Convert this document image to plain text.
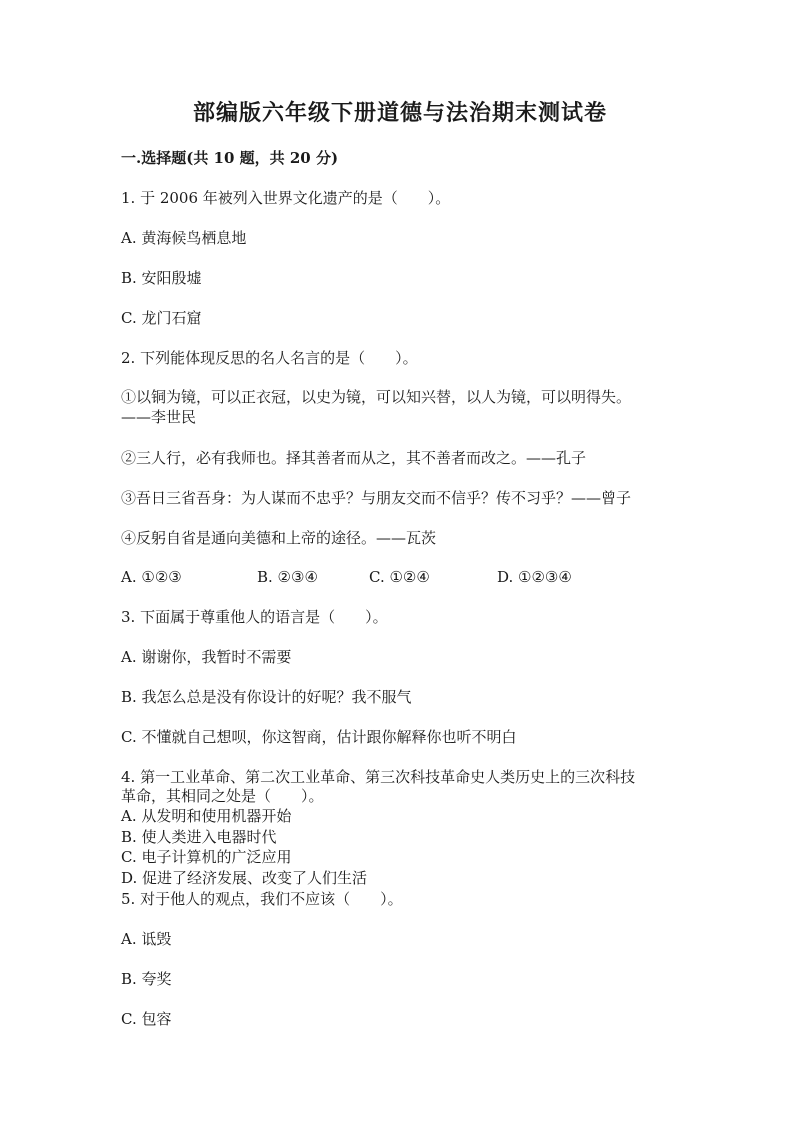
部编版六年级下册道德与法治期末测试卷
一.选择题(共 10 题，共 20 分)
1. 于 2006 年被列入世界文化遗产的是（　　）。
A. 黄海候鸟栖息地
B. 安阳殷墟
C. 龙门石窟
2. 下列能体现反思的名人名言的是（　　）。
①以铜为镜，可以正衣冠，以史为镜，可以知兴替，以人为镜，可以明得失。
——李世民
②三人行，必有我师也。择其善者而从之，其不善者而改之。——孔子
③吾日三省吾身：为人谋而不忠乎？与朋友交而不信乎？传不习乎？——曾子
④反躬自省是通向美德和上帝的途径。——瓦茨
A. ①②③	B. ②③④	C. ①②④	D. ①②③④
3. 下面属于尊重他人的语言是（　　）。
A. 谢谢你，我暂时不需要
B. 我怎么总是没有你设计的好呢？我不服气
C. 不懂就自己想呗，你这智商，估计跟你解释你也听不明白
4. 第一工业革命、第二次工业革命、第三次科技革命史人类历史上的三次科技
革命，其相同之处是（　　）。
A. 从发明和使用机器开始
B. 使人类进入电器时代
C. 电子计算机的广泛应用
D. 促进了经济发展、改变了人们生活
5. 对于他人的观点，我们不应该（　　）。
A. 诋毁
B. 夸奖
C. 包容
